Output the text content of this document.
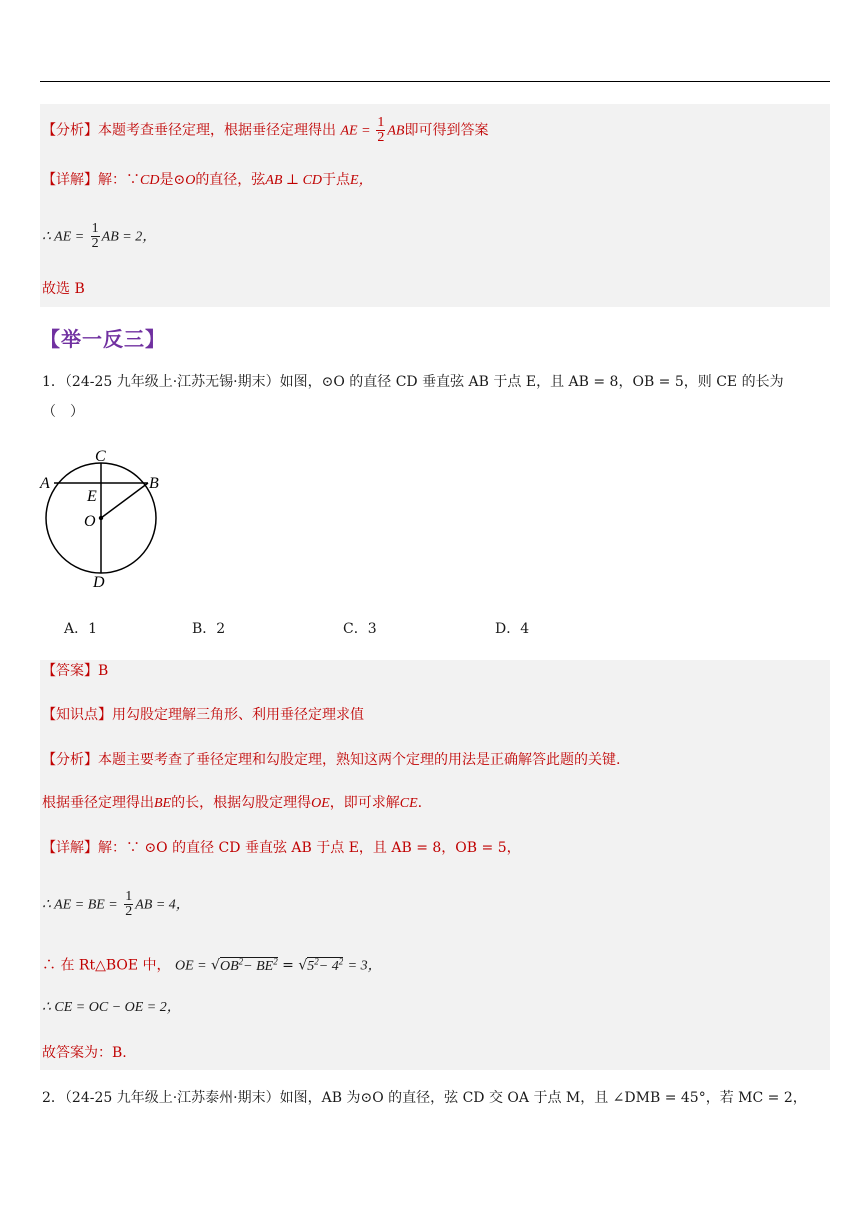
【分析】本题考查垂径定理，根据垂径定理得出 AE = $\frac{1}{2}$ AB即可得到答案
【详解】解：∵CD是⊙O的直径，弦AB ⊥ CD于点E，
∴ AE = $\frac{1}{2}$ AB = 2，
故选 B
【举一反三】
1．（24-25 九年级上·江苏无锡·期末）如图，⊙O 的直径 CD 垂直弦 AB 于点 E，且 AB = 8，OB = 5，则 CE 的长为
（　）
C
A	B
E
O
D
A．1	B．2	C．3	D．4
【答案】B
【知识点】用勾股定理解三角形、利用垂径定理求值
【分析】本题主要考查了垂径定理和勾股定理，熟知这两个定理的用法是正确解答此题的关键.
根据垂径定理得出BE的长，根据勾股定理得OE，即可求解CE.
【详解】解：∵ ⊙O 的直径 CD 垂直弦 AB 于点 E，且 AB = 8，OB = 5，
∴ AE = BE = $\frac{1}{2}$ AB = 4，
∴ 在 Rt△BOE 中， OE = $√OB^2- BE^2 = √5^2- 4^2 = 3$，
∴ CE = OC − OE = 2，
故答案为：B.
2．（24-25 九年级上·江苏泰州·期末）如图，AB 为⊙O 的直径，弦 CD 交 OA 于点 M，且 ∠DMB = 45°，若 MC = 2，
